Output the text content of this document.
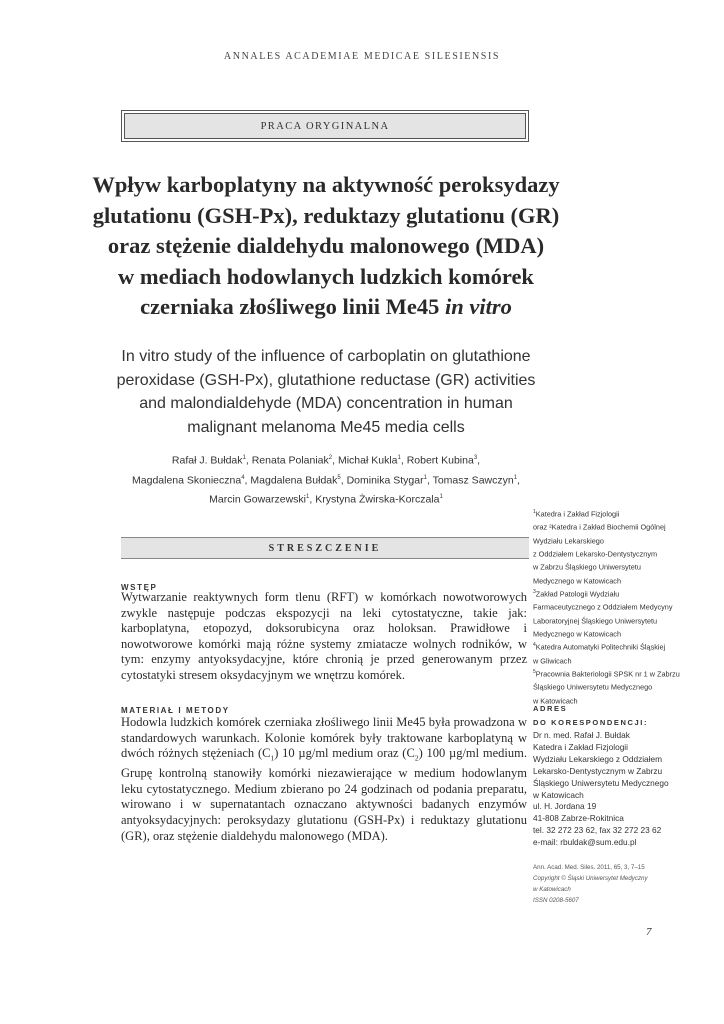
ANNALES ACADEMIAE MEDICAE SILESIENSIS
PRACA ORYGINALNA
Wpływ karboplatyny na aktywność peroksydazy
glutationu (GSH-Px), reduktazy glutationu (GR)
oraz stężenie dialdehydu malonowego (MDA)
w mediach hodowlanych ludzkich komórek
czerniaka złośliwego linii Me45 in vitro
In vitro study of the influence of carboplatin on glutathione
peroxidase (GSH-Px), glutathione reductase (GR) activities
and malondialdehyde (MDA) concentration in human
malignant melanoma Me45 media cells
Rafał J. Bułdak$^1$, Renata Polaniak$^2$, Michał Kukla$^1$, Robert Kubina$^3$,
Magdalena Skonieczna$^4$, Magdalena Bułdak$^5$, Dominika Stygar$^1$, Tomasz Sawczyn$^1$,
Marcin Gowarzewski$^1$, Krystyna Żwirska-Korczala$^1$
STRESZCZENIE
WSTĘP
Wytwarzanie reaktywnych form tlenu (RFT) w komórkach nowotworowych zwykle następuje podczas ekspozycji na leki cytostatyczne, takie jak: karboplatyna, etopozyd, doksorubicyna oraz holoksan. Prawidłowe i nowotworowe komórki mają różne systemy zmiatacze wolnych rodników, w tym: enzymy antyoksydacyjne, które chronią je przed generowanym przez cytostatyki stresem oksydacyjnym we wnętrzu komórek.
MATERIAŁ I METODY
Hodowla ludzkich komórek czerniaka złośliwego linii Me45 była prowadzona w standardowych warunkach. Kolonie komórek były traktowane karboplatyną w dwóch różnych stężeniach $(C_1)$ 10 µg/ml medium oraz $(C_2)$ 100 µg/ml medium. Grupę kontrolną stanowiły komórki niezawierające w medium hodowlanym leku cytostatycznego. Medium zbierano po 24 godzinach od podania preparatu, wirowano i w supernatantach oznaczano aktywności badanych enzymów antyoksydacyjnych: peroksydazy glutationu (GSH-Px) i reduktazy glutationu (GR), oraz stężenie dialdehydu malonowego (MDA).
$^1$Katedra i Zakład Fizjologii
oraz ²Katedra i Zakład Biochemii Ogólnej
Wydziału Lekarskiego
z Oddziałem Lekarsko-Dentystycznym
w Zabrzu Śląskiego Uniwersytetu
Medycznego w Katowicach
$^3$Zakład Patologii Wydziału
Farmaceutycznego z Oddziałem Medycyny
Laboratoryjnej Śląskiego Uniwersytetu
Medycznego w Katowicach
$^4$Katedra Automatyki Politechniki Śląskiej
w Gliwicach
$^5$Pracownia Bakteriologii SPSK nr 1 w Zabrzu
Śląskiego Uniwersytetu Medycznego
w Katowicach
ADRES
DO KORESPONDENCJI:
Dr n. med. Rafał J. Bułdak
Katedra i Zakład Fizjologii
Wydziału Lekarskiego z Oddziałem
Lekarsko-Dentystycznym w Zabrzu
Śląskiego Uniwersytetu Medycznego
w Katowicach
ul. H. Jordana 19
41-808 Zabrze-Rokitnica
tel. 32 272 23 62, fax 32 272 23 62
e-mail: rbuldak@sum.edu.pl
Ann. Acad. Med. Siles. 2011, 65, 3, 7–15
Copyright © Śląski Uniwersytet Medyczny
w Katowicach
ISSN 0208-5607
7
